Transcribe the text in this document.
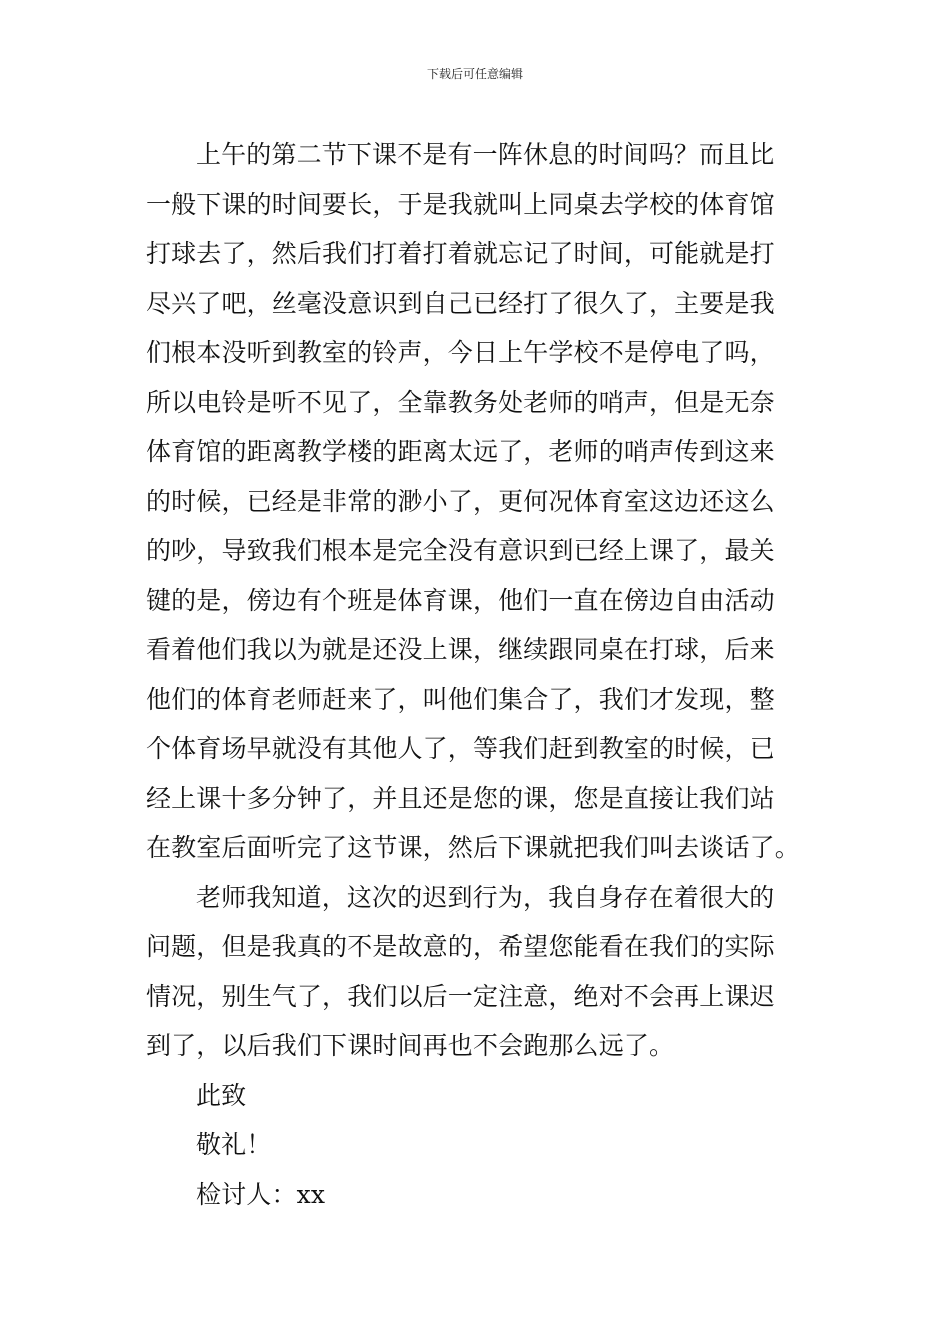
下载后可任意编辑
上午的第二节下课不是有一阵休息的时间吗？而且比
一般下课的时间要长，于是我就叫上同桌去学校的体育馆
打球去了，然后我们打着打着就忘记了时间，可能就是打
尽兴了吧，丝毫没意识到自己已经打了很久了，主要是我
们根本没听到教室的铃声，今日上午学校不是停电了吗，
所以电铃是听不见了，全靠教务处老师的哨声，但是无奈
体育馆的距离教学楼的距离太远了，老师的哨声传到这来
的时候，已经是非常的渺小了，更何况体育室这边还这么
的吵，导致我们根本是完全没有意识到已经上课了，最关
键的是，傍边有个班是体育课，他们一直在傍边自由活动
看着他们我以为就是还没上课，继续跟同桌在打球，后来
他们的体育老师赶来了，叫他们集合了，我们才发现，整
个体育场早就没有其他人了，等我们赶到教室的时候，已
经上课十多分钟了，并且还是您的课，您是直接让我们站
在教室后面听完了这节课，然后下课就把我们叫去谈话了。
老师我知道，这次的迟到行为，我自身存在着很大的
问题，但是我真的不是故意的，希望您能看在我们的实际
情况，别生气了，我们以后一定注意，绝对不会再上课迟
到了，以后我们下课时间再也不会跑那么远了。
此致
敬礼！
检讨人：xx
